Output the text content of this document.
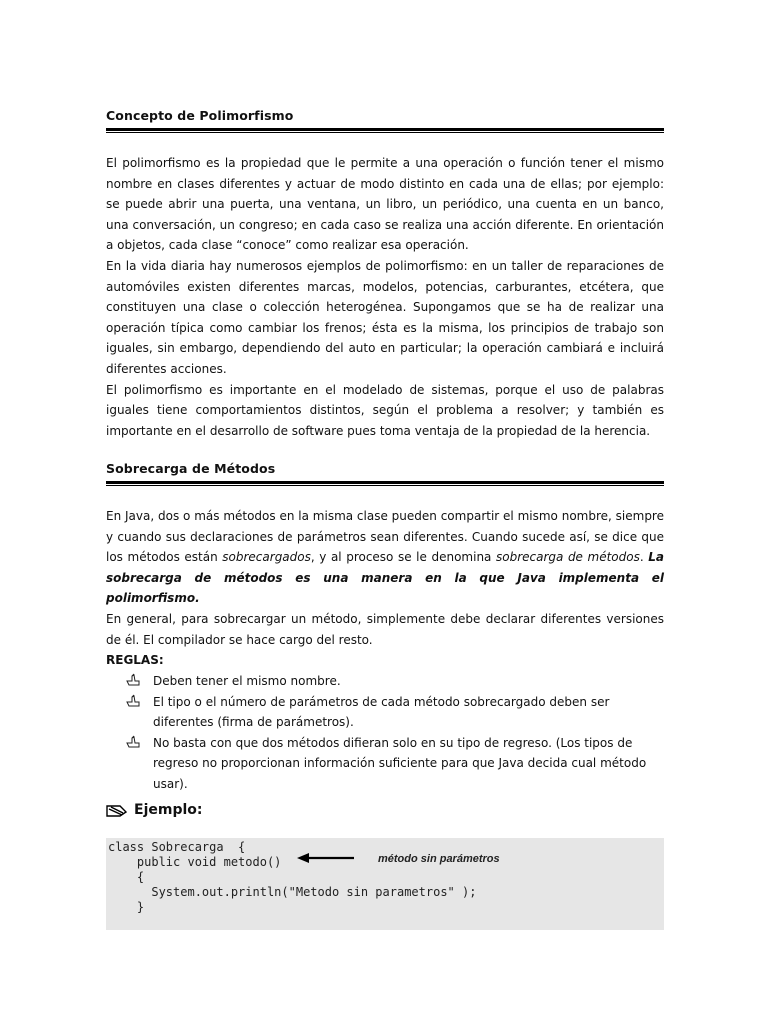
Concepto de Polimorfismo

El polimorfismo es la propiedad que le permite a una operación o función tener el mismo nombre en clases diferentes y actuar de modo distinto en cada una de ellas; por ejemplo: se puede abrir una puerta, una ventana, un libro, un periódico, una cuenta en un banco, una conversación, un congreso; en cada caso se realiza una acción diferente. En orientación a objetos, cada clase “conoce” como realizar esa operación.

En la vida diaria hay numerosos ejemplos de polimorfismo: en un taller de reparaciones de automóviles existen diferentes marcas, modelos, potencias, carburantes, etcétera, que constituyen una clase o colección heterogénea. Supongamos que se ha de realizar una operación típica como cambiar los frenos; ésta es la misma, los principios de trabajo son iguales, sin embargo, dependiendo del auto en particular; la operación cambiará e incluirá diferentes acciones.

El polimorfismo es importante en el modelado de sistemas, porque el uso de palabras iguales tiene comportamientos distintos, según el problema a resolver; y también es importante en el desarrollo de software pues toma ventaja de la propiedad de la herencia.

Sobrecarga de Métodos

En Java, dos o más métodos en la misma clase pueden compartir el mismo nombre, siempre y cuando sus declaraciones de parámetros sean diferentes. Cuando sucede así, se dice que los métodos están sobrecargados, y al proceso se le denomina sobrecarga de métodos. La sobrecarga de métodos es una manera en la que Java implementa el polimorfismo.

En general, para sobrecargar un método, simplemente debe declarar diferentes versiones de él. El compilador se hace cargo del resto.

REGLAS:
Deben tener el mismo nombre.
El tipo o el número de parámetros de cada método sobrecargado deben ser diferentes (firma de parámetros).
No basta con que dos métodos difieran solo en su tipo de regreso. (Los tipos de regreso no proporcionan información suficiente para que Java decida cual método usar).
Ejemplo:
class Sobrecarga  {
public void metodo()
{
System.out.println("Metodo sin parametros" );
}
método sin parámetros
